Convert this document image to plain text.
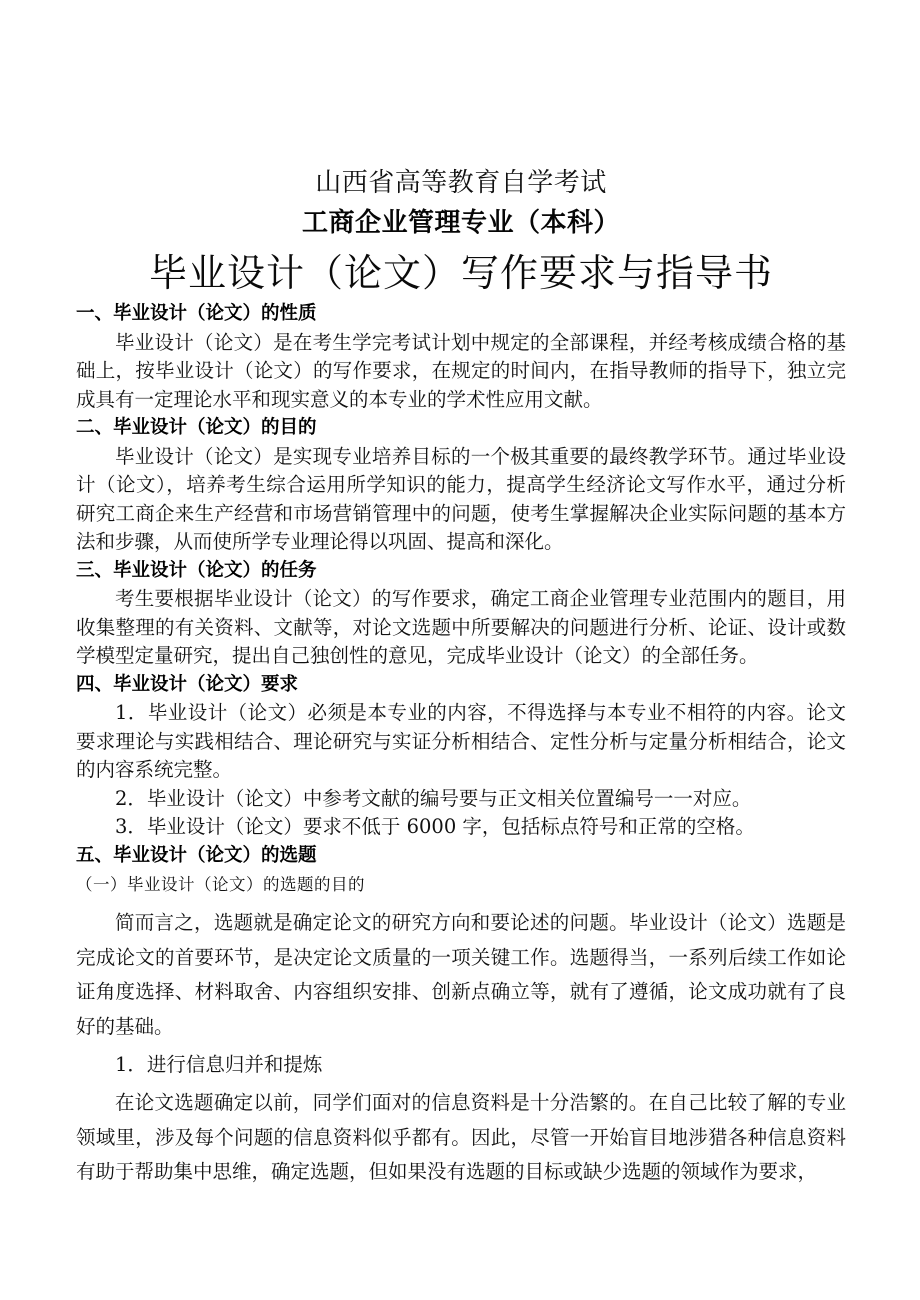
山西省高等教育自学考试
工商企业管理专业（本科）
毕业设计（论文）写作要求与指导书
一、毕业设计（论文）的性质
毕业设计（论文）是在考生学完考试计划中规定的全部课程，并经考核成绩合格的基础上，按毕业设计（论文）的写作要求，在规定的时间内，在指导教师的指导下，独立完成具有一定理论水平和现实意义的本专业的学术性应用文献。
二、毕业设计（论文）的目的
毕业设计（论文）是实现专业培养目标的一个极其重要的最终教学环节。通过毕业设计（论文），培养考生综合运用所学知识的能力，提高学生经济论文写作水平，通过分析研究工商企来生产经营和市场营销管理中的问题，使考生掌握解决企业实际问题的基本方法和步骤，从而使所学专业理论得以巩固、提高和深化。
三、毕业设计（论文）的任务
考生要根据毕业设计（论文）的写作要求，确定工商企业管理专业范围内的题目，用收集整理的有关资料、文献等，对论文选题中所要解决的问题进行分析、论证、设计或数学模型定量研究，提出自己独创性的意见，完成毕业设计（论文）的全部任务。
四、毕业设计（论文）要求
1．毕业设计（论文）必须是本专业的内容，不得选择与本专业不相符的内容。论文要求理论与实践相结合、理论研究与实证分析相结合、定性分析与定量分析相结合，论文的内容系统完整。
2．毕业设计（论文）中参考文献的编号要与正文相关位置编号一一对应。
3．毕业设计（论文）要求不低于 6000 字，包括标点符号和正常的空格。
五、毕业设计（论文）的选题
（一）毕业设计（论文）的选题的目的
简而言之，选题就是确定论文的研究方向和要论述的问题。毕业设计（论文）选题是完成论文的首要环节，是决定论文质量的一项关键工作。选题得当，一系列后续工作如论证角度选择、材料取舍、内容组织安排、创新点确立等，就有了遵循，论文成功就有了良好的基础。
1．进行信息归并和提炼
在论文选题确定以前，同学们面对的信息资料是十分浩繁的。在自己比较了解的专业领域里，涉及每个问题的信息资料似乎都有。因此，尽管一开始盲目地涉猎各种信息资料有助于帮助集中思维，确定选题，但如果没有选题的目标或缺少选题的领域作为要求，
